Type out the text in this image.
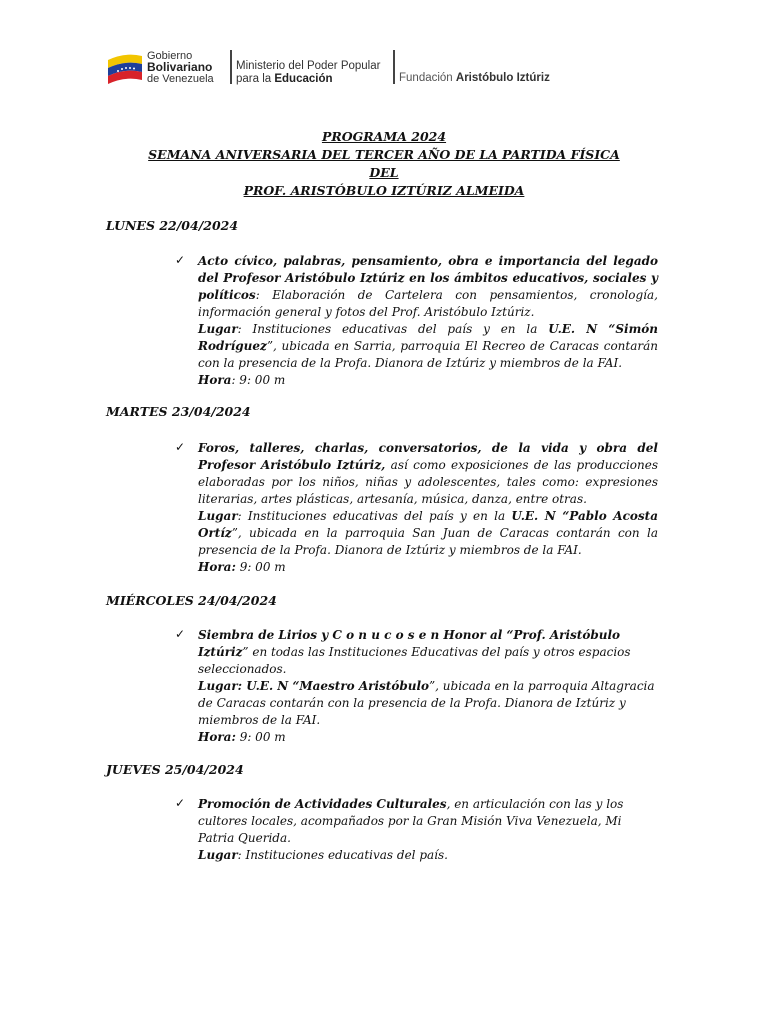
Gobierno
Bolivariano
de Venezuela
Ministerio del Poder Popular
para la Educación	Fundación Aristóbulo Iztúriz
PROGRAMA 2024
SEMANA ANIVERSARIA DEL TERCER AÑO DE LA PARTIDA FÍSICA
DEL
PROF. ARISTÓBULO IZTÚRIZ ALMEIDA
LUNES 22/04/2024
✓ Acto cívico, palabras, pensamiento, obra e importancia del legado del Profesor Aristóbulo Iztúriz en los ámbitos educativos, sociales y políticos: Elaboración de Cartelera con pensamientos, cronología, información general y fotos del Prof. Aristóbulo Iztúriz.
Lugar: Instituciones educativas del país y en la U.E. N “Simón Rodríguez”, ubicada en Sarria, parroquia El Recreo de Caracas contarán con la presencia de la Profa. Dianora de Iztúriz y miembros de la FAI.
Hora: 9: 00 m
MARTES 23/04/2024
✓ Foros, talleres, charlas, conversatorios, de la vida y obra del Profesor Aristóbulo Iztúriz, así como exposiciones de las producciones elaboradas por los niños, niñas y adolescentes, tales como: expresiones literarias, artes plásticas, artesanía, música, danza, entre otras.
Lugar: Instituciones educativas del país y en la U.E. N “Pablo Acosta Ortíz”, ubicada en la parroquia San Juan de Caracas contarán con la presencia de la Profa. Dianora de Iztúriz y miembros de la FAI.
Hora: 9: 00 m
MIÉRCOLES 24/04/2024
✓ Siembra de Lirios y C o n u c o s e n Honor al “Prof. Aristóbulo Iztúriz” en todas las Instituciones Educativas del país y otros espacios seleccionados.
Lugar: U.E. N “Maestro Aristóbulo”, ubicada en la parroquia Altagracia de Caracas contarán con la presencia de la Profa. Dianora de Iztúriz y miembros de la FAI.
Hora: 9: 00 m
JUEVES 25/04/2024
✓ Promoción de Actividades Culturales, en articulación con las y los cultores locales, acompañados por la Gran Misión Viva Venezuela, Mi Patria Querida.
Lugar: Instituciones educativas del país.
